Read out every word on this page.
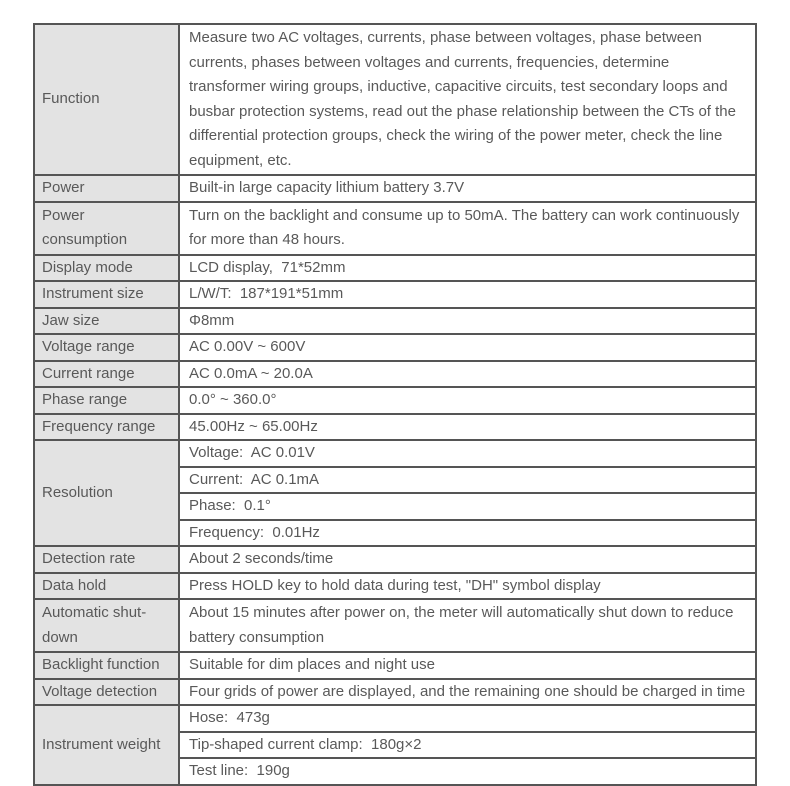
Function	Measure two AC voltages, currents, phase between voltages, phase between currents, phases between voltages and currents, frequencies, determine transformer wiring groups, inductive, capacitive circuits, test secondary loops and busbar protection systems, read out the phase relationship between the CTs of the differential protection groups, check the wiring of the power meter, check the line equipment, etc.
Power	Built-in large capacity lithium battery 3.7V
Power consumption	Turn on the backlight and consume up to 50mA. The battery can work continuously for more than 48 hours.
Display mode	LCD display,  71*52mm
Instrument size	L/W/T:  187*191*51mm
Jaw size	Φ8mm
Voltage range	AC 0.00V ~ 600V
Current range	AC 0.0mA ~ 20.0A
Phase range	0.0° ~ 360.0°
Frequency range	45.00Hz ~ 65.00Hz
Resolution	Voltage:  AC 0.01V
	Current:  AC 0.1mA
	Phase:  0.1°
	Frequency:  0.01Hz
Detection rate	About 2 seconds/time
Data hold	Press HOLD key to hold data during test, "DH" symbol display
Automatic shut-down	About 15 minutes after power on, the meter will automatically shut down to reduce battery consumption
Backlight function	Suitable for dim places and night use
Voltage detection	Four grids of power are displayed, and the remaining one should be charged in time
Instrument weight	Hose:  473g
	Tip-shaped current clamp:  180g×2
	Test line:  190g
